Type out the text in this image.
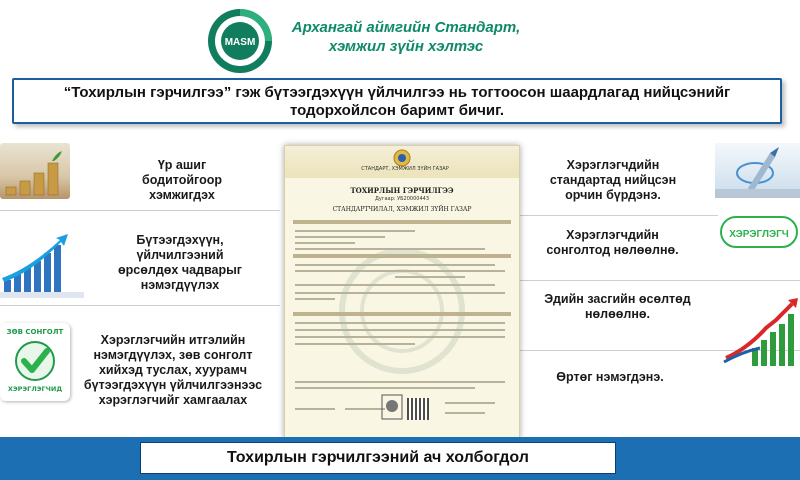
MASM
Архангай аймгийн Стандарт,
хэмжил зүйн хэлтэс
“Тохирлын гэрчилгээ” гэж бүтээгдэхүүн үйлчилгээ нь тогтоосон шаардлагад нийцсэнийг
тодорхойлсон баримт бичиг.
ЗӨВ СОНГОЛТ
ХЭРЭГЛЭГЧИД
Үр ашиг бодитойгоор
хэмжигдэх
Бүтээгдэхүүн,
үйлчилгээний
өрсөлдөх чадварыг
нэмэгдүүлэх
Хэрэглэгчийн итгэлийн
нэмэгдүүлэх, зөв сонголт
хийхэд туслах, хуурамч
бүтээгдэхүүн үйлчилгээнээс
хэрэглэгчийг хамгаалах
СТАНДАРТ, ХЭМЖИЛ ЗҮЙН ГАЗАР
ТОХИРЛЫН ГЭРЧИЛГЭЭ
Дугаар: УБ20000443
СТАНДАРТЧИЛАЛ, ХЭМЖИЛ ЗҮЙН ГАЗАР
ХЭРЭГЛЭГЧ
Хэрэглэгчдийн
стандартад нийцсэн
орчин бүрдэнэ.
Хэрэглэгчдийн
сонголтод нөлөөлнө.
Эдийн засгийн өсөлтөд
нөлөөлнө.
Өртөг нэмэгдэнэ.
Тохирлын гэрчилгээний ач холбогдол
